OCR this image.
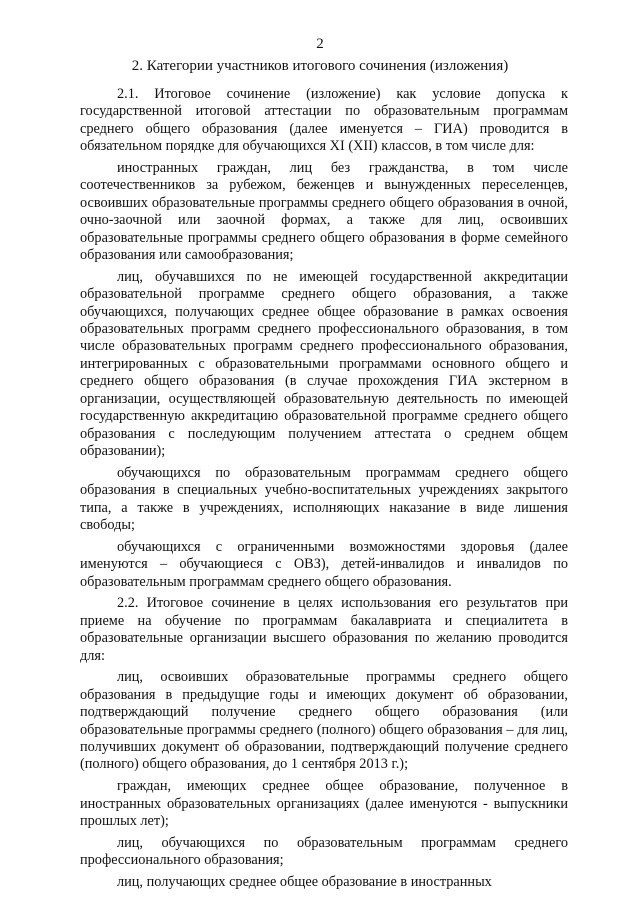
2
2. Категории участников итогового сочинения (изложения)

2.1. Итоговое сочинение (изложение) как условие допуска к государственной итоговой аттестации по образовательным программам среднего общего образования (далее именуется – ГИА) проводится в обязательном порядке для обучающихся XI (XII) классов, в том числе для:

иностранных граждан, лиц без гражданства, в том числе соотечественников за рубежом, беженцев и вынужденных переселенцев, освоивших образовательные программы среднего общего образования в очной, очно-заочной или заочной формах, а также для лиц, освоивших образовательные программы среднего общего образования в форме семейного образования или самообразования;

лиц, обучавшихся по не имеющей государственной аккредитации образовательной программе среднего общего образования, а также обучающихся, получающих среднее общее образование в рамках освоения образовательных программ среднего профессионального образования, в том числе образовательных программ среднего профессионального образования, интегрированных с образовательными программами основного общего и среднего общего образования (в случае прохождения ГИА экстерном в организации, осуществляющей образовательную деятельность по имеющей государственную аккредитацию образовательной программе среднего общего образования с последующим получением аттестата о среднем общем образовании);

обучающихся по образовательным программам среднего общего образования в специальных учебно-воспитательных учреждениях закрытого типа, а также в учреждениях, исполняющих наказание в виде лишения свободы;

обучающихся с ограниченными возможностями здоровья (далее именуются – обучающиеся с ОВЗ), детей-инвалидов и инвалидов по образовательным программам среднего общего образования.

2.2. Итоговое сочинение в целях использования его результатов при приеме на обучение по программам бакалавриата и специалитета в образовательные организации высшего образования по желанию проводится для:

лиц, освоивших образовательные программы среднего общего образования в предыдущие годы и имеющих документ об образовании, подтверждающий получение среднего общего образования (или образовательные программы среднего (полного) общего образования – для лиц, получивших документ об образовании, подтверждающий получение среднего (полного) общего образования, до 1 сентября 2013 г.);

граждан, имеющих среднее общее образование, полученное в иностранных образовательных организациях (далее именуются - выпускники прошлых лет);

лиц, обучающихся по образовательным программам среднего профессионального образования;

лиц, получающих среднее общее образование в иностранных
